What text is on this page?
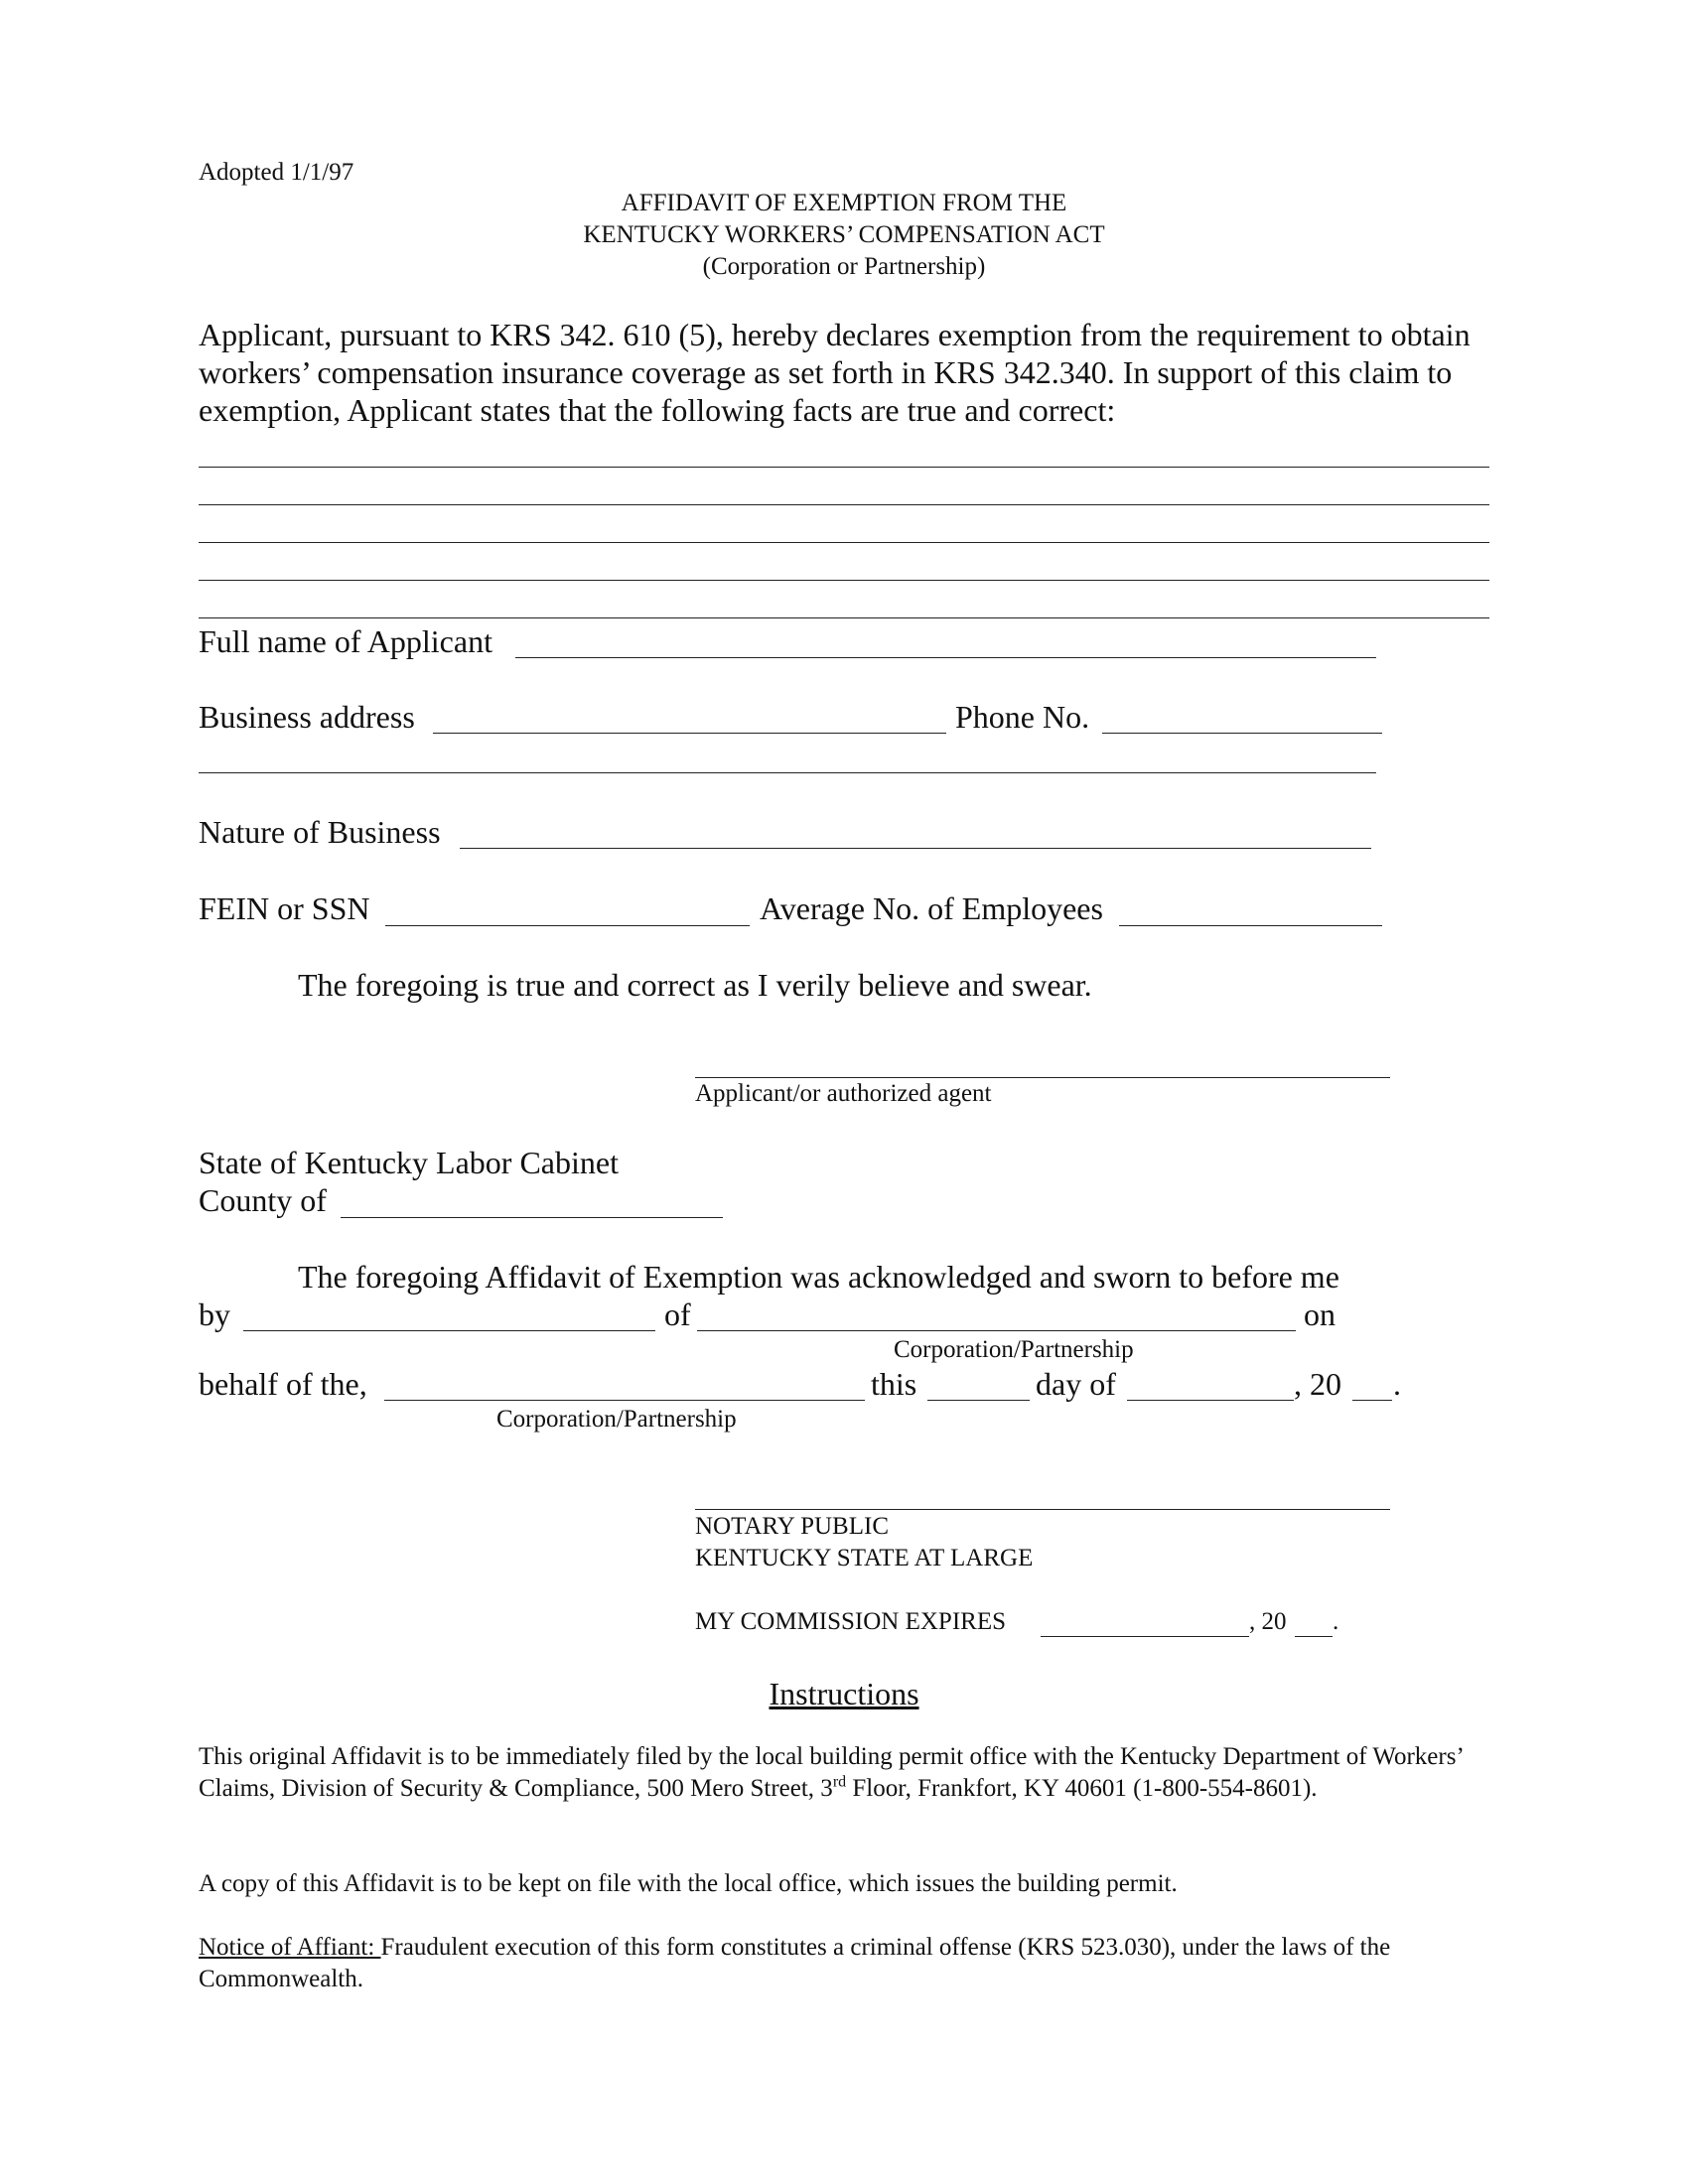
Adopted 1/1/97
AFFIDAVIT OF EXEMPTION FROM THE
KENTUCKY WORKERS’ COMPENSATION ACT
(Corporation or Partnership)
Applicant, pursuant to KRS 342. 610 (5), hereby declares exemption from the requirement to obtain workers’ compensation insurance coverage as set forth in KRS 342.340. In support of this claim to exemption, Applicant states that the following facts are true and correct:
Full name of Applicant
Business address	Phone No.
Nature of Business
FEIN or SSN	Average No. of Employees
The foregoing is true and correct as I verily believe and swear.
Applicant/or authorized agent
State of Kentucky Labor Cabinet
County of
The foregoing Affidavit of Exemption was acknowledged and sworn to before me
by	of	on
Corporation/Partnership
behalf of the,	this	day of	, 20 .
Corporation/Partnership
NOTARY PUBLIC
KENTUCKY STATE AT LARGE
MY COMMISSION EXPIRES	, 20 .
Instructions
This original Affidavit is to be immediately filed by the local building permit office with the Kentucky Department of Workers’ Claims, Division of Security & Compliance, 500 Mero Street, 3rd Floor, Frankfort, KY 40601 (1-800-554-8601).
A copy of this Affidavit is to be kept on file with the local office, which issues the building permit.
Notice of Affiant: Fraudulent execution of this form constitutes a criminal offense (KRS 523.030), under the laws of the Commonwealth.
